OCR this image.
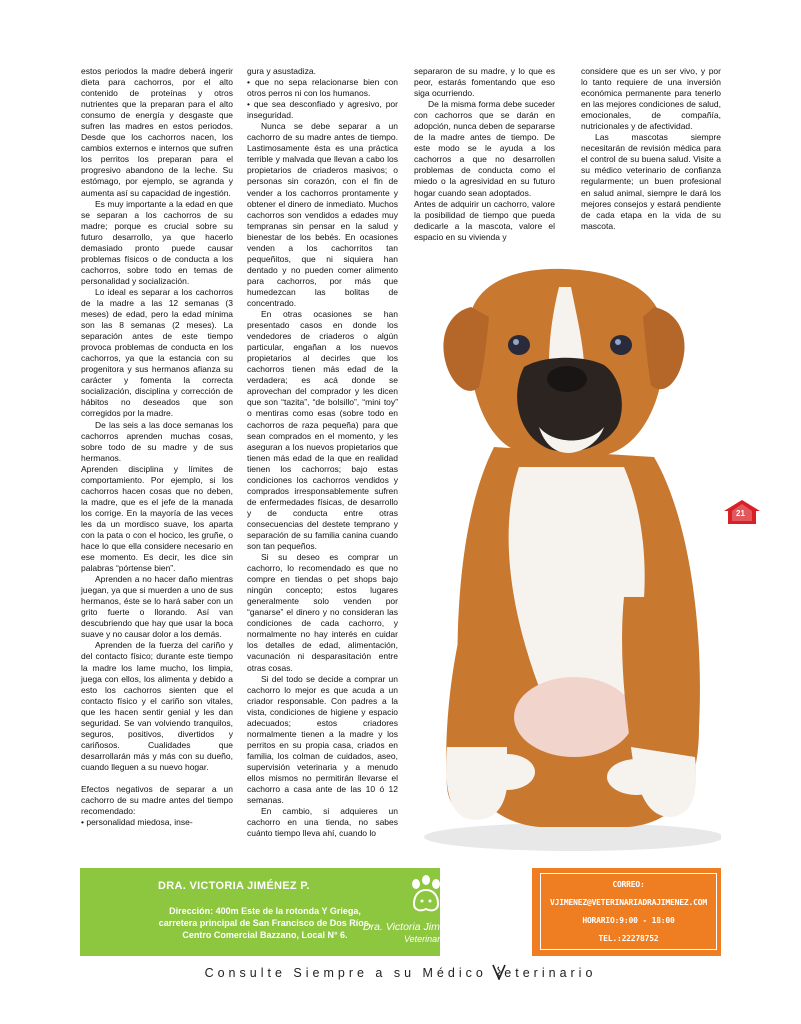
estos periodos la madre deberá ingerir dieta para cachorros, por el alto contenido de proteínas y otros nutrientes que la preparan para el alto consumo de energía y desgaste que sufren las madres en estos periodos. Desde que los cachorros nacen, los cambios externos e internos que sufren los perritos los preparan para el progresivo abandono de la leche. Su estómago, por ejemplo, se agranda y aumenta así su capacidad de ingestión.

Es muy importante a la edad en que se separan a los cachorros de su madre; porque es crucial sobre su futuro desarrollo, ya que hacerlo demasiado pronto puede causar problemas físicos o de conducta a los cachorros, sobre todo en temas de personalidad y socialización.

Lo ideal es separar a los cachorros de la madre a las 12 semanas (3 meses) de edad, pero la edad mínima son las 8 semanas (2 meses). La separación antes de este tiempo provoca problemas de conducta en los cachorros, ya que la estancia con su progenitora y sus hermanos afianza su carácter y fomenta la correcta socialización, disciplina y corrección de hábitos no deseados que son corregidos por la madre.

De las seis a las doce semanas los cachorros aprenden muchas cosas, sobre todo de su madre y de sus hermanos.

Aprenden disciplina y límites de comportamiento. Por ejemplo, si los cachorros hacen cosas que no deben, la madre, que es el jefe de la manada los corrige. En la mayoría de las veces les da un mordisco suave, los aparta con la pata o con el hocico, les gruñe, o hace lo que ella considere necesario en ese momento. Es decir, les dice sin palabras “pórtense bien”.

Aprenden a no hacer daño mientras juegan, ya que si muerden a uno de sus hermanos, éste se lo hará saber con un grito fuerte o llorando. Así van descubriendo que hay que usar la boca suave y no causar dolor a los demás.

Aprenden de la fuerza del cariño y del contacto físico; durante este tiempo la madre los lame mucho, los limpia, juega con ellos, los alimenta y debido a esto los cachorros sienten que el contacto físico y el cariño son vitales, que les hacen sentir genial y les dan seguridad. Se van volviendo tranquilos, seguros, positivos, divertidos y cariñosos. Cualidades que desarrollarán más y más con su dueño, cuando lleguen a su nuevo hogar.

Efectos negativos de separar a un cachorro de su madre antes del tiempo recomendado:

• personalidad miedosa, inse-

gura y asustadiza.

• que no sepa relacionarse bien con otros perros ni con los humanos.

• que sea desconfiado y agresivo, por inseguridad.

Nunca se debe separar a un cachorro de su madre antes de tiempo. Lastimosamente ésta es una práctica terrible y malvada que llevan a cabo los propietarios de criaderos masivos; o personas sin corazón, con el fin de vender a los cachorros prontamente y obtener el dinero de inmediato. Muchos cachorros son vendidos a edades muy tempranas sin pensar en la salud y bienestar de los bebés. En ocasiones venden a los cachorritos tan pequeñitos, que ni siquiera han dentado y no pueden comer alimento para cachorros, por más que humedezcan las bolitas de concentrado.

En otras ocasiones se han presentado casos en donde los vendedores de criaderos o algún particular, engañan a los nuevos propietarios al decirles que los cachorros tienen más edad de la verdadera; es acá donde se aprovechan del comprador y les dicen que son “tazita”, “de bolsillo”, “mini toy” o mentiras como esas (sobre todo en cachorros de raza pequeña) para que sean comprados en el momento, y les aseguran a los nuevos propietarios que tienen más edad de la que en realidad tienen los cachorros; bajo estas condiciones los cachorros vendidos y comprados irresponsablemente sufren de enfermedades físicas, de desarrollo y de conducta entre otras consecuencias del destete temprano y separación de su familia canina cuando son tan pequeños.

Si su deseo es comprar un cachorro, lo recomendado es que no compre en tiendas o pet shops bajo ningún concepto; estos lugares generalmente solo venden por “ganarse” el dinero y no consideran las condiciones de cada cachorro, y normalmente no hay interés en cuidar los detalles de edad, alimentación, vacunación ni desparasitación entre otras cosas.

Si del todo se decide a comprar un cachorro lo mejor es que acuda a un criador responsable. Con padres a la vista, condiciones de higiene y espacio adecuados; estos criadores normalmente tienen a la madre y los perritos en su propia casa, criados en familia, los colman de cuidados, aseo, supervisión veterinaria y a menudo ellos mismos no permitirán llevarse el cachorro a casa ante de las 10 ó 12 semanas.

En cambio, si adquieres un cachorro en una tienda, no sabes cuánto tiempo lleva ahí, cuando lo

separaron de su madre, y lo que es peor, estarás fomentando que eso siga ocurriendo.

De la misma forma debe suceder con cachorros que se darán en adopción, nunca deben de separarse de la madre antes de tiempo. De este modo se le ayuda a los cachorros a que no desarrollen problemas de conducta como el miedo o la agresividad en su futuro hogar cuando sean adoptados.

Antes de adquirir un cachorro, valore la posibilidad de tiempo que pueda dedicarle a la mascota, valore el espacio en su vivienda y

considere que es un ser vivo, y por lo tanto requiere de una inversión económica permanente para tenerlo en las mejores condiciones de salud, emocionales, de compañía, nutricionales y de afectividad.

Las mascotas siempre necesitarán de revisión médica para el control de su buena salud. Visite a su médico veterinario de confianza regularmente; un buen profesional en salud animal, siempre le dará los mejores consejos y estará pendiente de cada etapa en la vida de su mascota.

21
DRA. VICTORIA JIMÉNEZ P.
Dirección: 400m Este de la rotonda Y Griega,
carretera principal de San Francisco de Dos Ríos,
Centro Comercial Bazzano, Local N° 6.
Dra. Victoria Jiménez P.
Veterinaria
CORREO:
VJIMENEZ@VETERINARIADRAJIMENEZ.COM
HORARIO:9:00 - 18:00
TEL.:22278752
Consulte Siempre a su Médico eterinario
